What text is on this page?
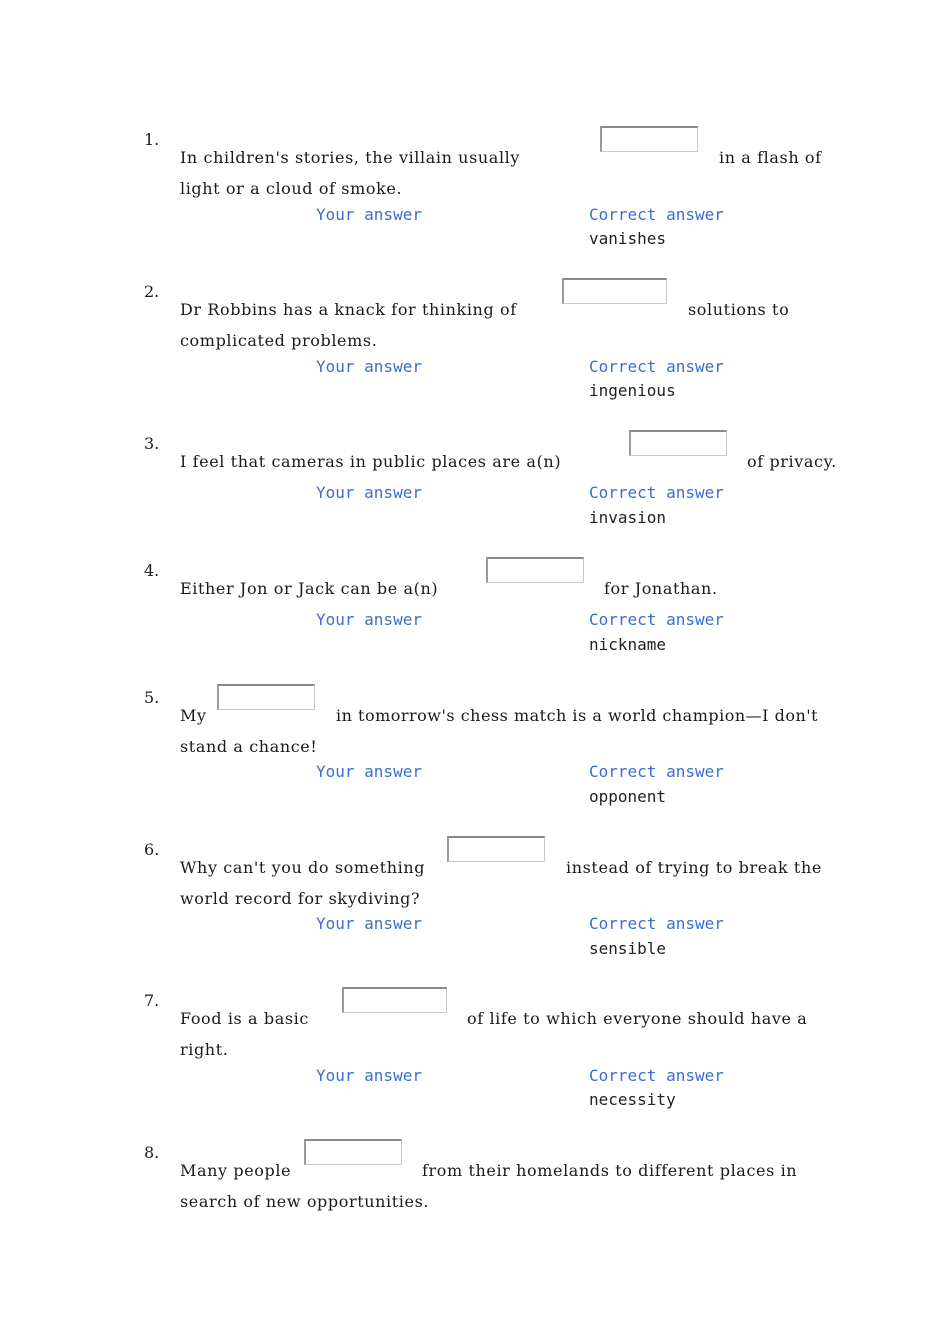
1.
In children's stories, the villain usually	in a flash of
light or a cloud of smoke.
Your answer	Correct answer
vanishes
2.
Dr Robbins has a knack for thinking of	solutions to
complicated problems.
Your answer	Correct answer
ingenious
3.
I feel that cameras in public places are a(n)	of privacy.
Your answer	Correct answer
invasion
4.
Either Jon or Jack can be a(n)	for Jonathan.
Your answer	Correct answer
nickname
5.
My	in tomorrow's chess match is a world champion—I don't
stand a chance!
Your answer	Correct answer
opponent
6.
Why can't you do something	instead of trying to break the
world record for skydiving?
Your answer	Correct answer
sensible
7.
Food is a basic	of life to which everyone should have a
right.
Your answer	Correct answer
necessity
8.
Many people	from their homelands to different places in
search of new opportunities.
